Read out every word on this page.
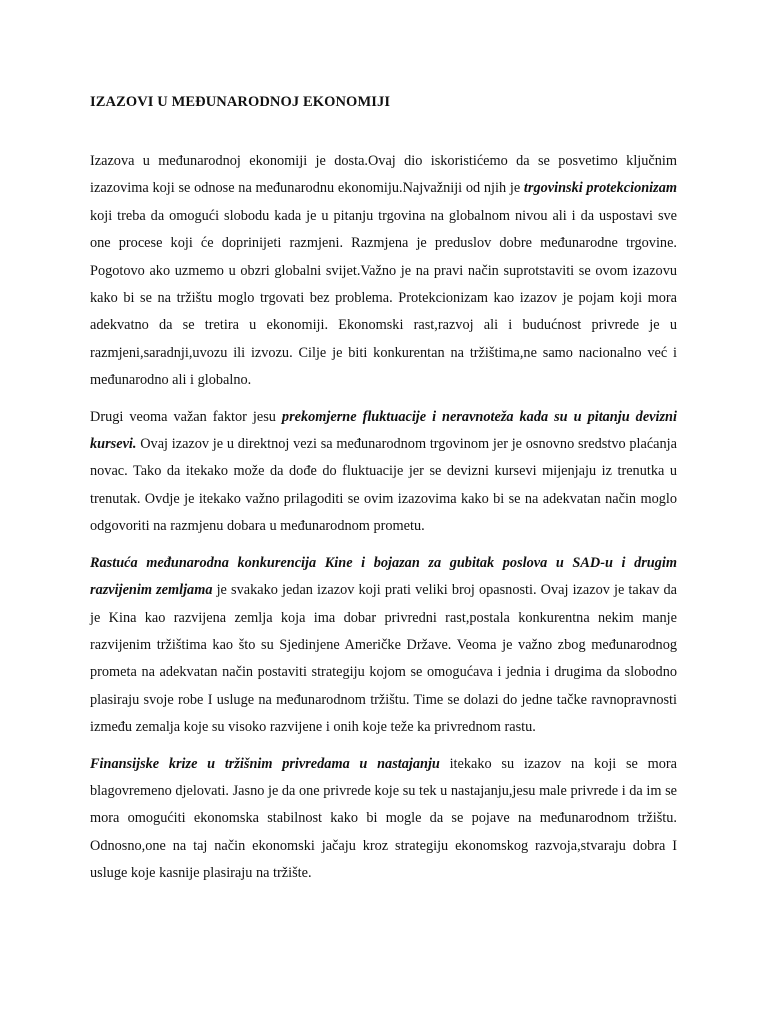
IZAZOVI U MEĐUNARODNOJ EKONOMIJI

Izazova u međunarodnoj ekonomiji je dosta.Ovaj dio iskoristićemo da se posvetimo ključnim izazovima koji se odnose na međunarodnu ekonomiju.Najvažniji od njih je trgovinski protekcionizam koji treba da omogući slobodu kada je u pitanju trgovina na globalnom nivou ali i da uspostavi sve one procese koji će doprinijeti razmjeni. Razmjena je preduslov dobre međunarodne trgovine. Pogotovo ako uzmemo u obzri globalni svijet.Važno je na pravi način suprotstaviti se ovom izazovu kako bi se na tržištu moglo trgovati bez problema. Protekcionizam kao izazov je pojam koji mora adekvatno da se tretira u ekonomiji. Ekonomski rast,razvoj ali i budućnost privrede je u razmjeni,saradnji,uvozu ili izvozu. Cilje je biti konkurentan na tržištima,ne samo nacionalno već i međunarodno ali i globalno.

Drugi veoma važan faktor jesu prekomjerne fluktuacije i neravnoteža kada su u pitanju devizni kursevi. Ovaj izazov je u direktnoj vezi sa međunarodnom trgovinom jer je osnovno sredstvo plaćanja novac. Tako da itekako može da dođe do fluktuacije jer se devizni kursevi mijenjaju iz trenutka u trenutak. Ovdje je itekako važno prilagoditi se ovim izazovima kako bi se na adekvatan način moglo odgovoriti na razmjenu dobara u međunarodnom prometu.

Rastuća međunarodna konkurencija Kine i bojazan za gubitak poslova u SAD-u i drugim razvijenim zemljama je svakako jedan izazov koji prati veliki broj opasnosti. Ovaj izazov je takav da je Kina kao razvijena zemlja koja ima dobar privredni rast,postala konkurentna nekim manje razvijenim tržištima kao što su Sjedinjene Američke Države. Veoma je važno zbog međunarodnog prometa na adekvatan način postaviti strategiju kojom se omogućava i jednia i drugima da slobodno plasiraju svoje robe I usluge na međunarodnom tržištu. Time se dolazi do jedne tačke ravnopravnosti između zemalja koje su visoko razvijene i onih koje teže ka privrednom rastu.

Finansijske krize u tržišnim privredama u nastajanju itekako su izazov na koji se mora blagovremeno djelovati. Jasno je da one privrede koje su tek u nastajanju,jesu male privrede i da im se mora omogućiti ekonomska stabilnost kako bi mogle da se pojave na međunarodnom tržištu. Odnosno,one na taj način ekonomski jačaju kroz strategiju ekonomskog razvoja,stvaraju dobra I usluge koje kasnije plasiraju na tržište.
